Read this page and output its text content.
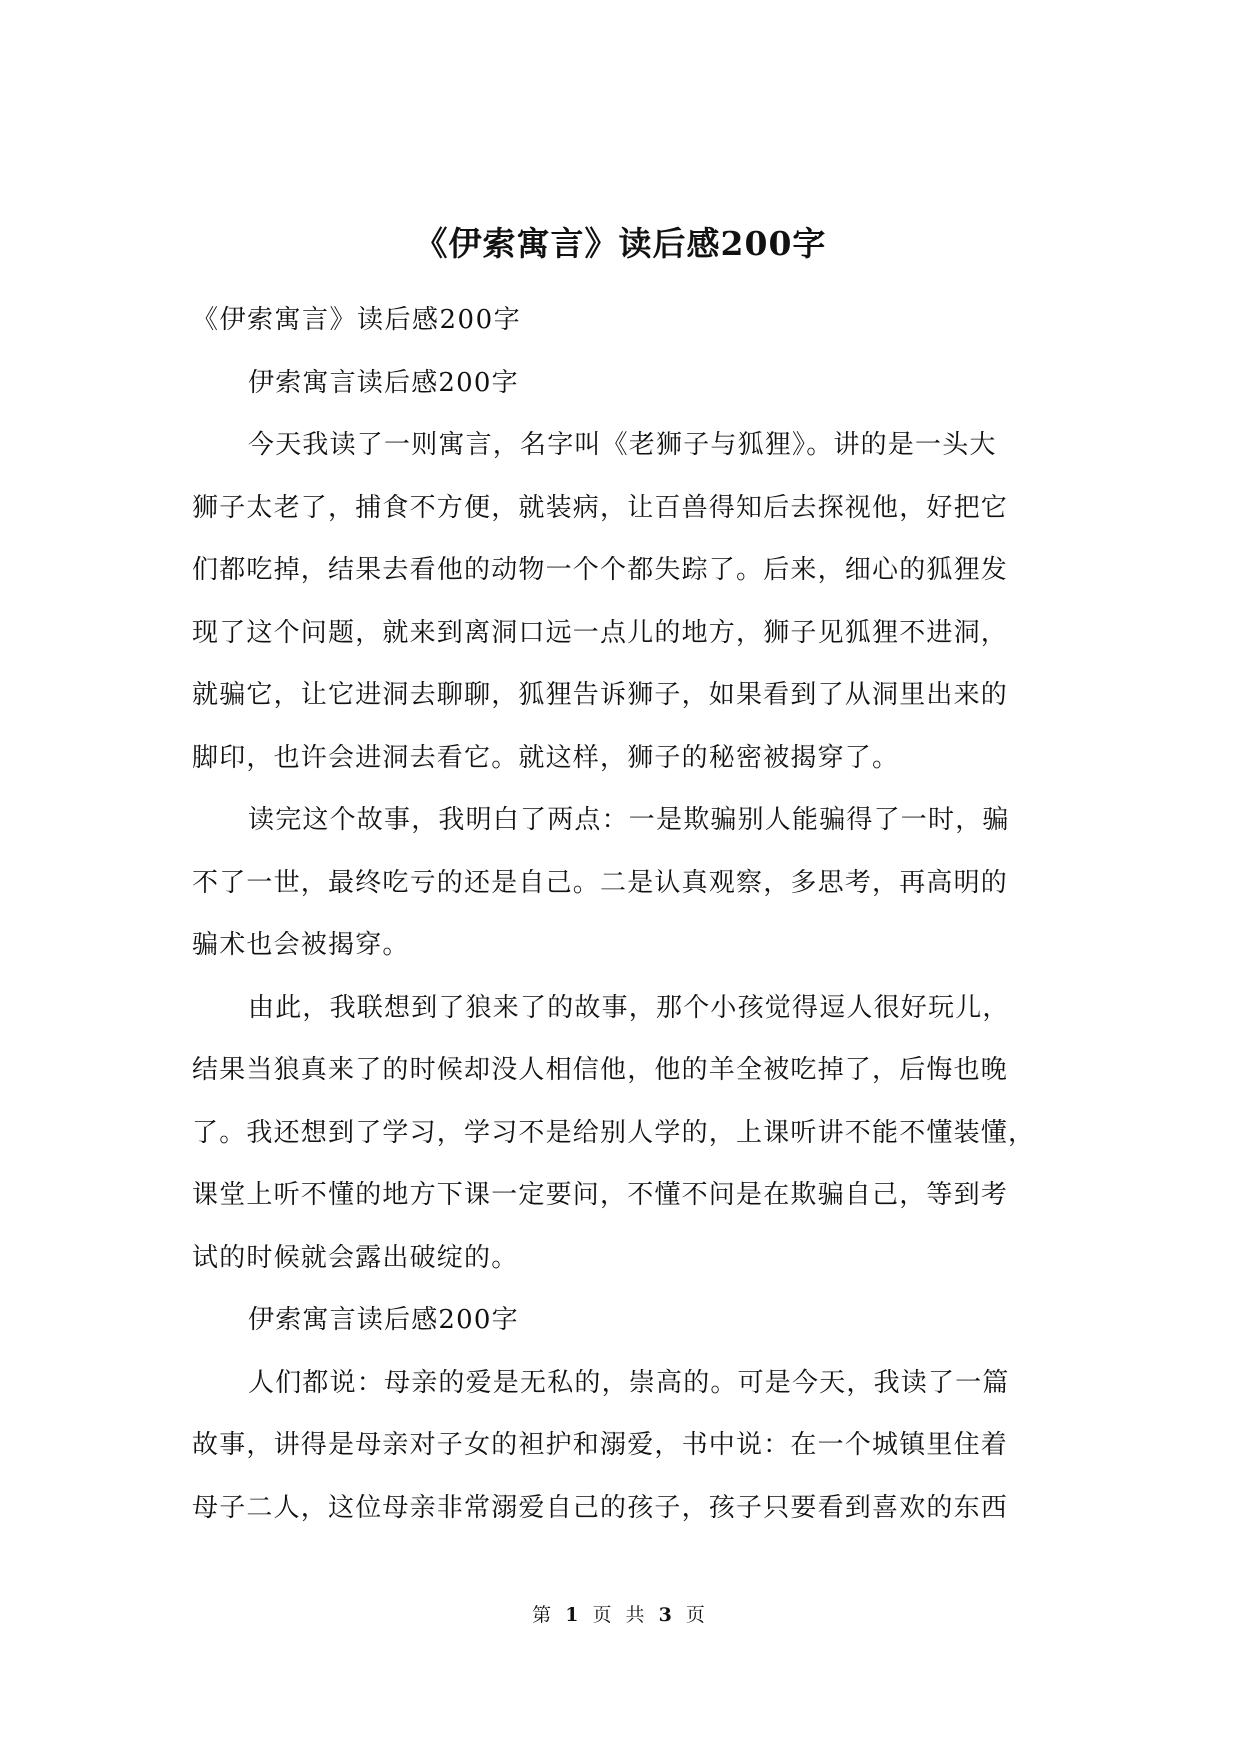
《伊索寓言》读后感200字
《伊索寓言》读后感200字
伊索寓言读后感200字
今天我读了一则寓言，名字叫《老狮子与狐狸》。讲的是一头大
狮子太老了，捕食不方便，就装病，让百兽得知后去探视他，好把它
们都吃掉，结果去看他的动物一个个都失踪了。后来，细心的狐狸发
现了这个问题，就来到离洞口远一点儿的地方，狮子见狐狸不进洞，
就骗它，让它进洞去聊聊，狐狸告诉狮子，如果看到了从洞里出来的
脚印，也许会进洞去看它。就这样，狮子的秘密被揭穿了。
读完这个故事，我明白了两点：一是欺骗别人能骗得了一时，骗
不了一世，最终吃亏的还是自己。二是认真观察，多思考，再高明的
骗术也会被揭穿。
由此，我联想到了狼来了的故事，那个小孩觉得逗人很好玩儿，
结果当狼真来了的时候却没人相信他，他的羊全被吃掉了，后悔也晚
了。我还想到了学习，学习不是给别人学的，上课听讲不能不懂装懂，
课堂上听不懂的地方下课一定要问，不懂不问是在欺骗自己，等到考
试的时候就会露出破绽的。
伊索寓言读后感200字
人们都说：母亲的爱是无私的，崇高的。可是今天，我读了一篇
故事，讲得是母亲对子女的袒护和溺爱，书中说：在一个城镇里住着
母子二人，这位母亲非常溺爱自己的孩子，孩子只要看到喜欢的东西
第 1 页 共 3 页
